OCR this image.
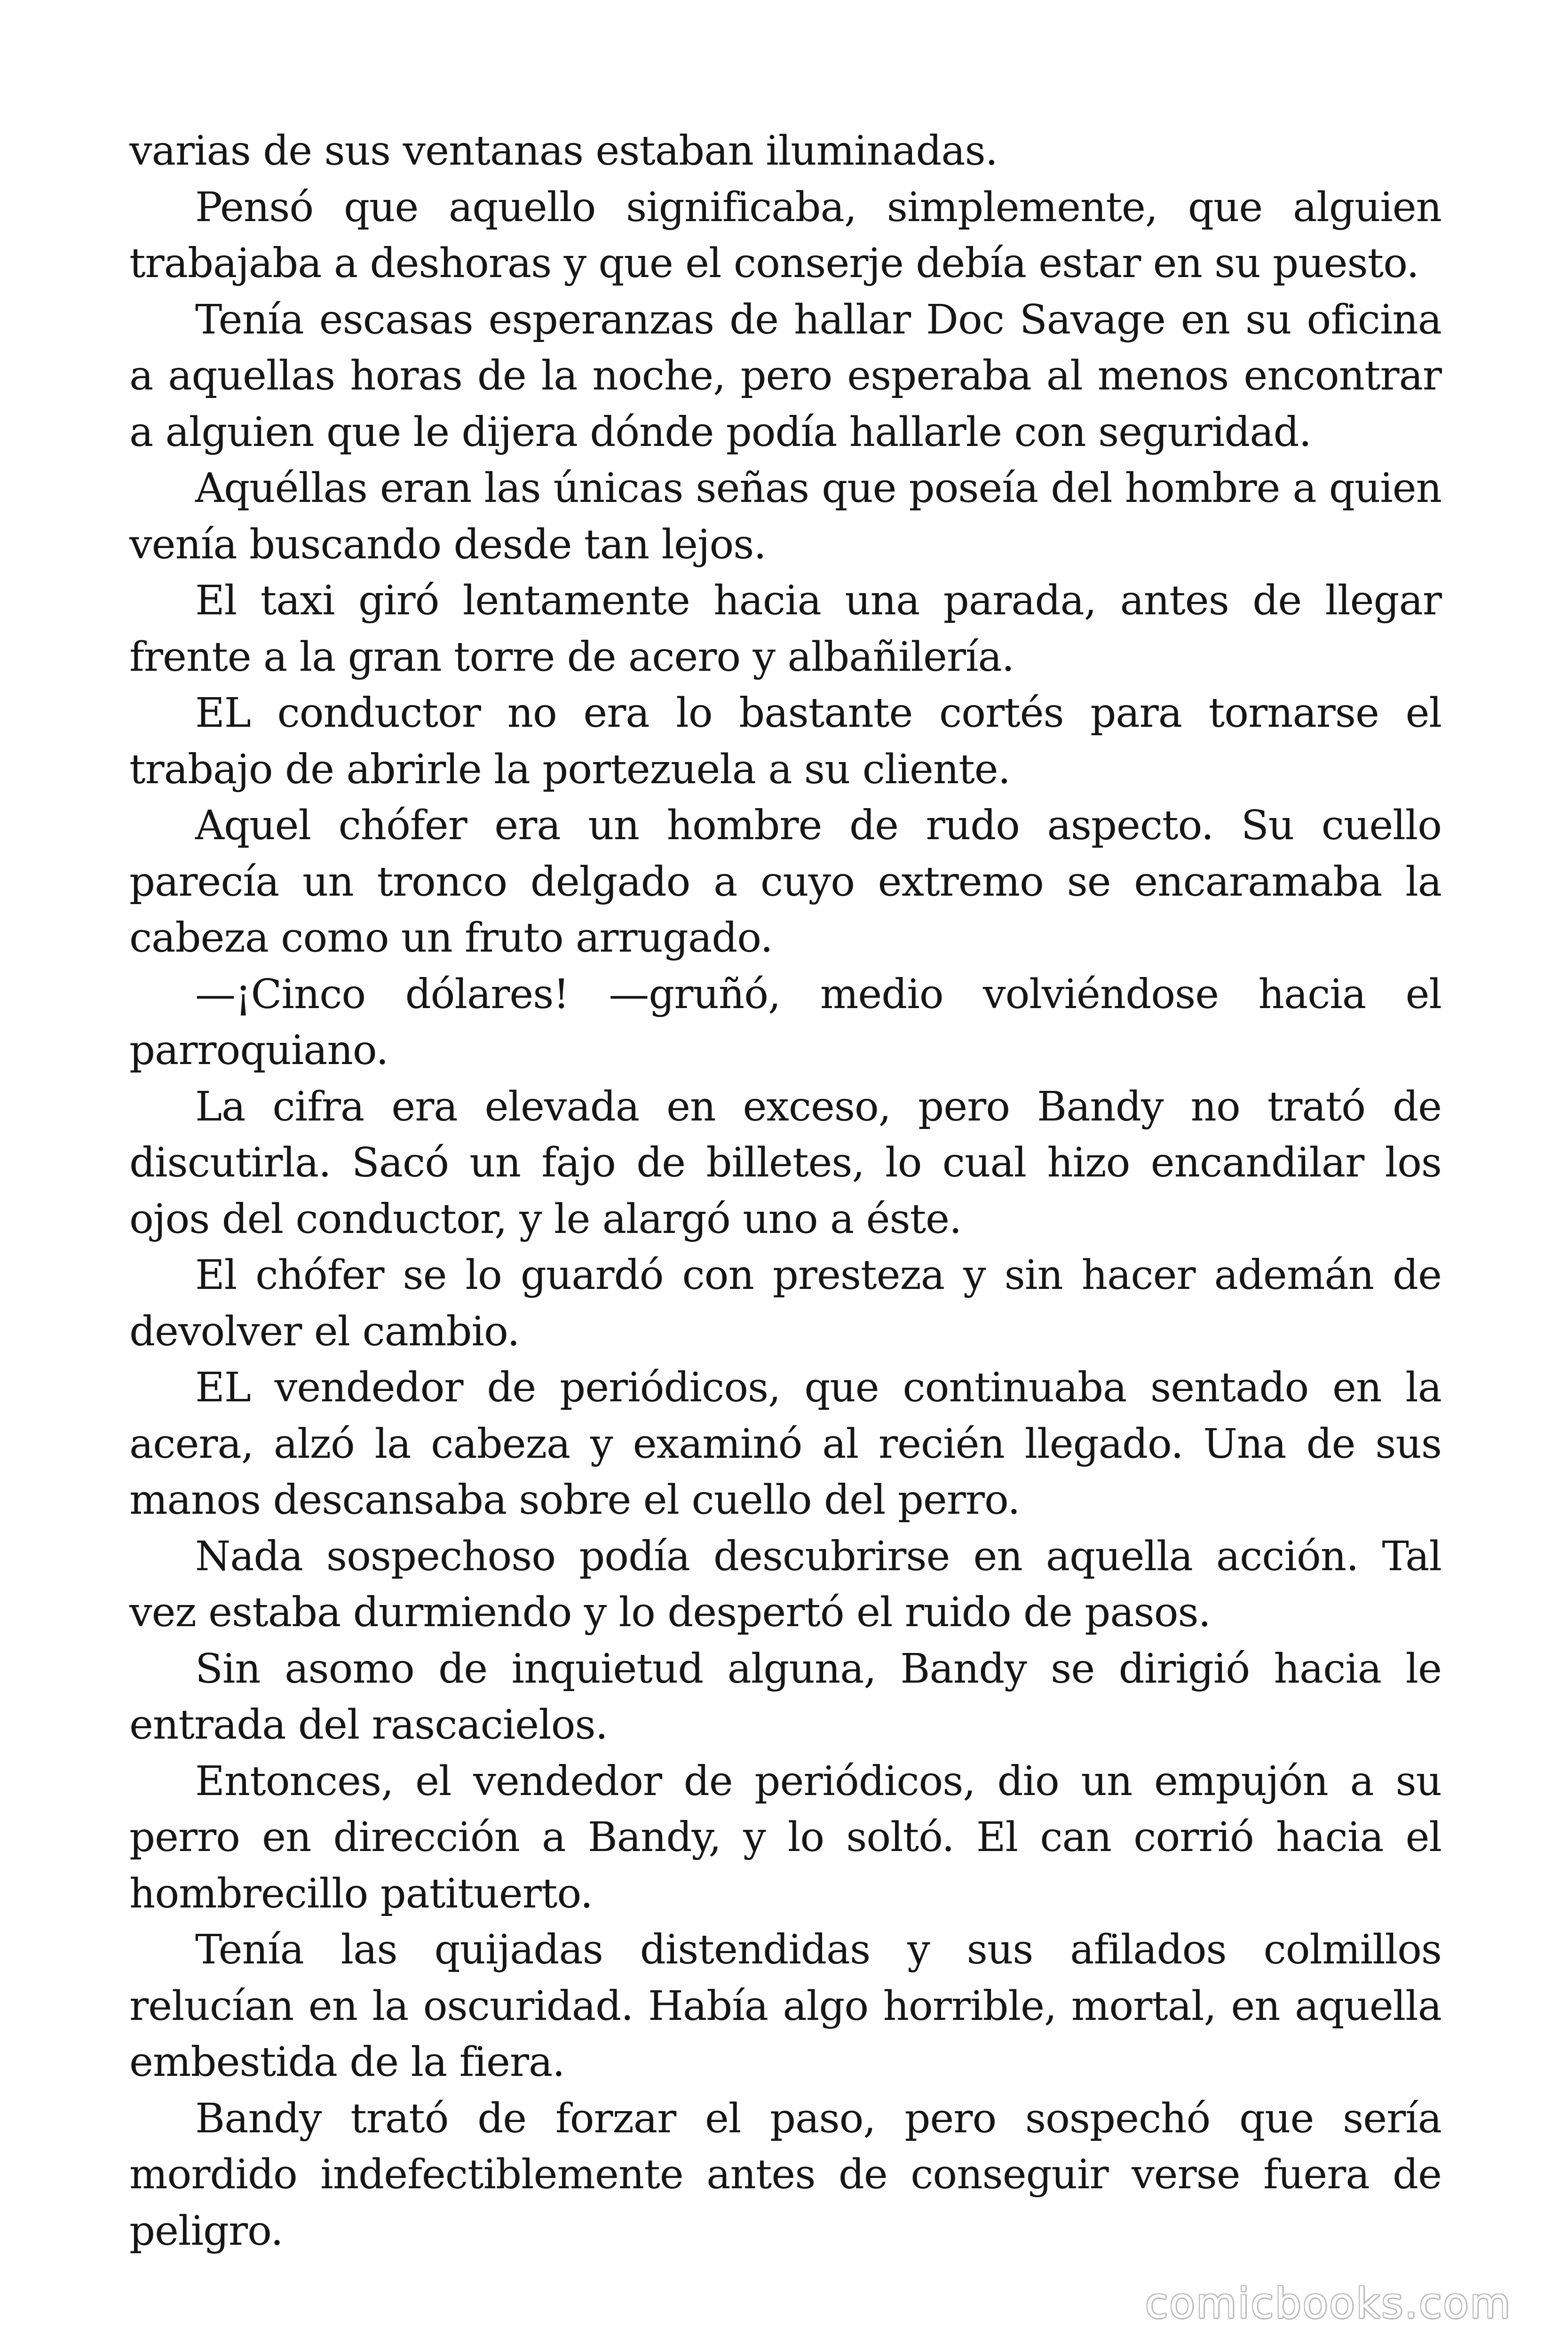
varias de sus ventanas estaban iluminadas.

Pensó que aquello significaba, simplemente, que alguien trabajaba a deshoras y que el conserje debía estar en su puesto.

Tenía escasas esperanzas de hallar Doc Savage en su oficina a aquellas horas de la noche, pero esperaba al menos encontrar a alguien que le dijera dónde podía hallarle con seguridad.

Aquéllas eran las únicas señas que poseía del hombre a quien venía buscando desde tan lejos.

El taxi giró lentamente hacia una parada, antes de llegar frente a la gran torre de acero y albañilería.

EL conductor no era lo bastante cortés para tornarse el trabajo de abrirle la portezuela a su cliente.

Aquel chófer era un hombre de rudo aspecto. Su cuello parecía un tronco delgado a cuyo extremo se encaramaba la cabeza como un fruto arrugado.

—¡Cinco dólares! —gruñó, medio volviéndose hacia el parroquiano.

La cifra era elevada en exceso, pero Bandy no trató de discutirla. Sacó un fajo de billetes, lo cual hizo encandilar los ojos del conductor, y le alargó uno a éste.

El chófer se lo guardó con presteza y sin hacer ademán de devolver el cambio.

EL vendedor de periódicos, que continuaba sentado en la acera, alzó la cabeza y examinó al recién llegado. Una de sus manos descansaba sobre el cuello del perro.

Nada sospechoso podía descubrirse en aquella acción. Tal vez estaba durmiendo y lo despertó el ruido de pasos.

Sin asomo de inquietud alguna, Bandy se dirigió hacia le entrada del rascacielos.

Entonces, el vendedor de periódicos, dio un empujón a su perro en dirección a Bandy, y lo soltó. El can corrió hacia el hombrecillo patituerto.

Tenía las quijadas distendidas y sus afilados colmillos relucían en la oscuridad. Había algo horrible, mortal, en aquella embestida de la fiera.

Bandy trató de forzar el paso, pero sospechó que sería mordido indefectiblemente antes de conseguir verse fuera de peligro.

comicbooks.com
